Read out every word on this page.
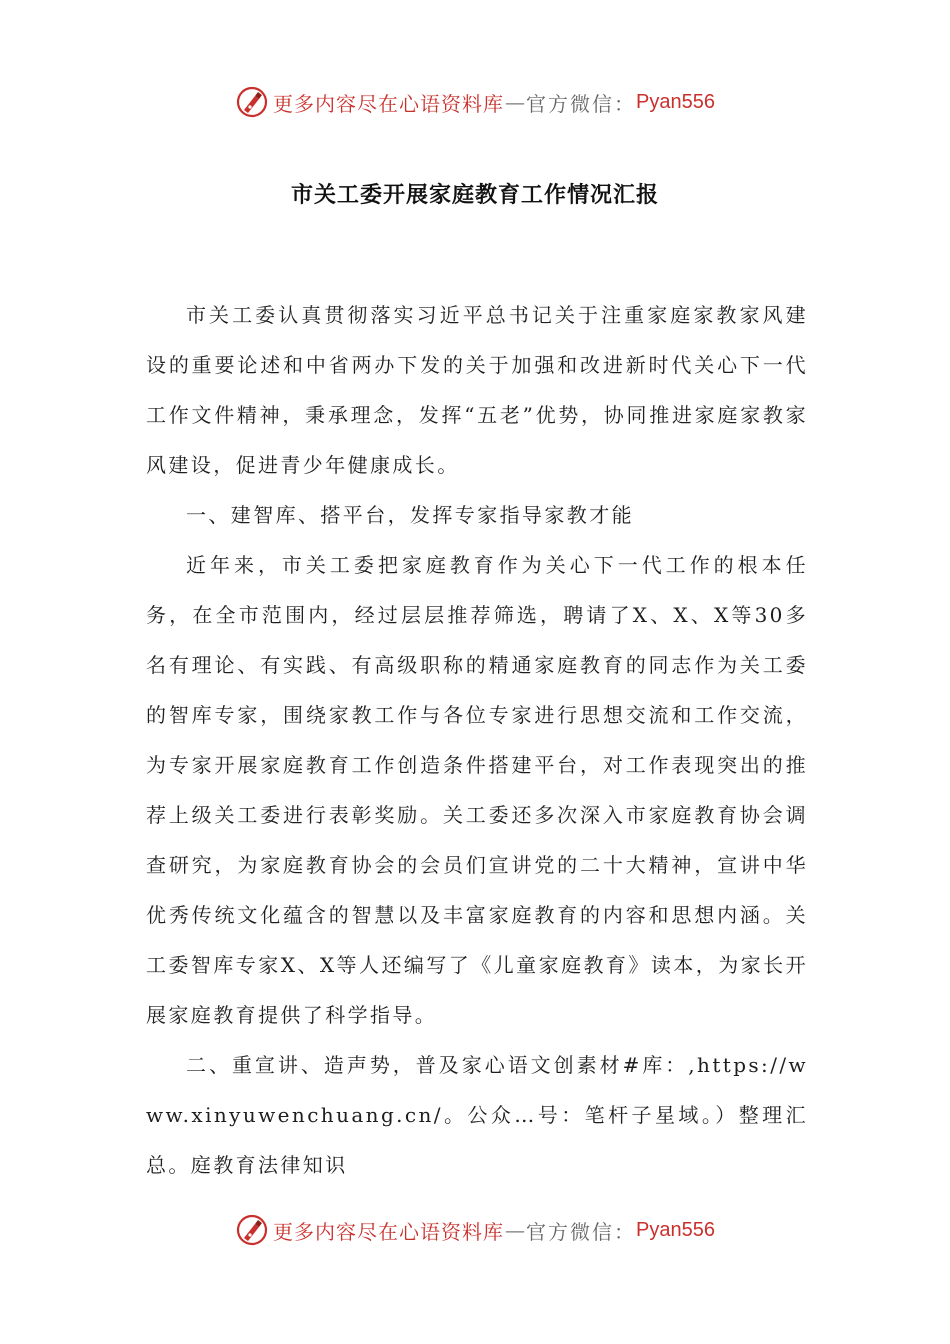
更多内容尽在心语资料库 — 官方微信： Pyan556
市关工委开展家庭教育工作情况汇报

市关工委认真贯彻落实习近平总书记关于注重家庭家教家风建设的重要论述和中省两办下发的关于加强和改进新时代关心下一代工作文件精神，秉承理念，发挥“五老”优势，协同推进家庭家教家风建设，促进青少年健康成长。

一、建智库、搭平台，发挥专家指导家教才能

近年来，市关工委把家庭教育作为关心下一代工作的根本任务，在全市范围内，经过层层推荐筛选，聘请了X、X、X等30多名有理论、有实践、有高级职称的精通家庭教育的同志作为关工委的智库专家，围绕家教工作与各位专家进行思想交流和工作交流，为专家开展家庭教育工作创造条件搭建平台，对工作表现突出的推荐上级关工委进行表彰奖励。关工委还多次深入市家庭教育协会调查研究，为家庭教育协会的会员们宣讲党的二十大精神，宣讲中华优秀传统文化蕴含的智慧以及丰富家庭教育的内容和思想内涵。关工委智库专家X、X等人还编写了《儿童家庭教育》读本，为家长开展家庭教育提供了科学指导。

二、重宣讲、造声势，普及家心语文创素材#库：,https://www.xinyuwenchuang.cn/。公众…号：笔杆子星域。）整理汇总。庭教育法律知识

更多内容尽在心语资料库 — 官方微信： Pyan556
